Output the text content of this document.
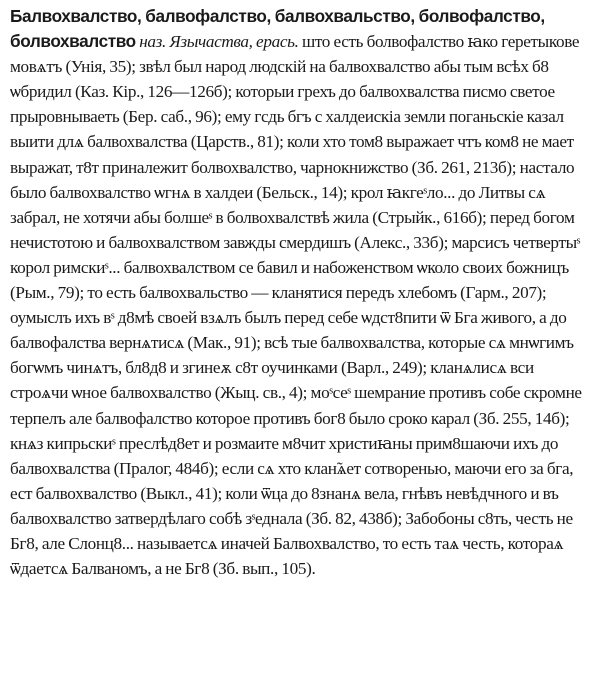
Балвохвалство, балвофалство, балвохвальство, болвофалство, болвохвалство наз. Язычаства, ерась. што есть болвофалство ꙗко геретыкове мовѧтъ (Унія, 35); звѣл был народ людскій на балвохвалство абы тым всѣх б8 ѡбридил (Каз. Кір., 126—126б); которыи грехъ до балвохвалства писмо светое прыровнываеть (Бер. саб., 96); ему гсдь бгъ с халдеискіа земли поганьскіе казал выити длѧ балвохвалства (Царств., 81); коли хто том8 выражает чтъ ком8 не мает выражат, т8т приналежит болвохвалство, чарнокнижство (Зб. 261, 213б); настало было балвохвалство ѡгнѧ в халдеи (Бельск., 14); крол ꙗкгеˢло... до Литвы сѧ забрал, не хотячи абы болшеˢ в болвохвалствѣ жила (Стрыйк., 616б); перед богом нечистотою и балвохвалством завжды смердишъ (Алекс., 33б); марсисъ четвертыˢ корол римскиˢ... балвохвалством се бавил и набоженством ѡколо своих божницъ (Рым., 79); то есть балвохвальство — кланятися передъ хлебомъ (Гарм., 207); оумыслъ ихъ вˢ д8мѣ своей взѧлъ былъ перед себе ѡдст8пити ѿ Бга живого, а до балвофалства вернѧтисѧ (Мак., 91); всѣ тые балвохвалства, которые сѧ мнѡгимъ богѡмъ чинѧтъ, бл8д8 и згинеѫ с8т оучинками (Варл., 249); кланѧлисѧ вси строѧчи ѡное балвохвалство (Жыц. св., 4); моˢсеˢ шемрание противъ собе скромне терпелъ але балвофалство которое противъ бог8 было сроко карал (Зб. 255, 14б); кнѧз кипрьскиˢ преслѣд8ет и розмаите м8чит христиꙗны прим8шаючи ихъ до балвохвалства (Пралог, 484б); если сѧ хто клан̃ѧет сотворенью, маючи его за бга, ест балвохвалство (Выкл., 41); коли ѿца до 8знанѧ вела, гнѣвъ невѣдчного и въ балвохвалство затвердѣлаго собѣ зˢеднала (Зб. 82, 438б); Забобоны с8ть, честь не Бг8, але Слонц8... называетсѧ иначей Балвохвалство, то есть таѧ честь, котораѧ ѿдаетсѧ Балваномъ, а не Бг8 (Зб. вып., 105).
